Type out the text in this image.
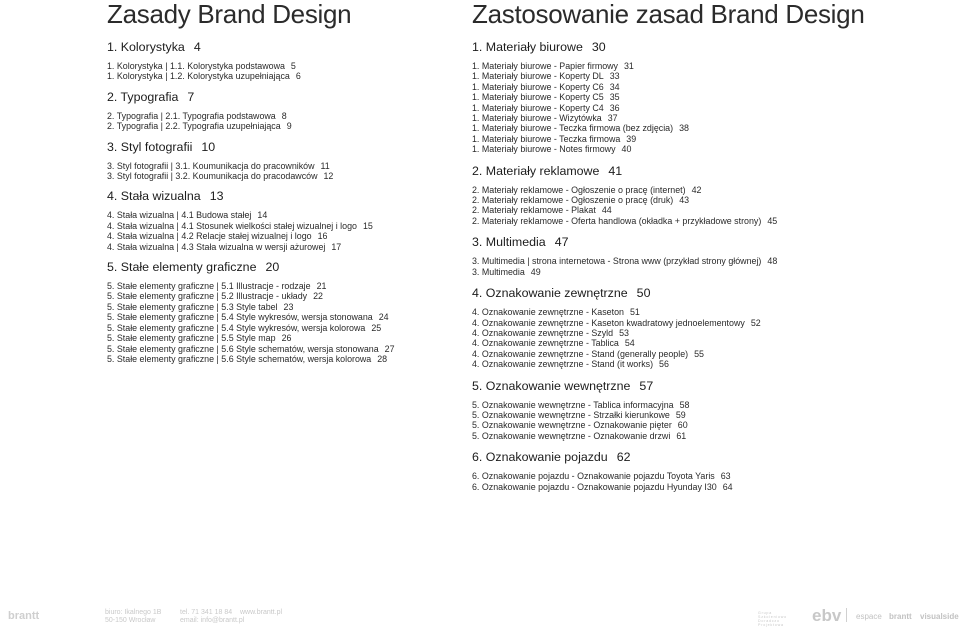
Zasady Brand Design
1. Kolorystyka 4
1. Kolorystyka | 1.1. Kolorystyka podstawowa 5
1. Kolorystyka | 1.2. Kolorystyka uzupełniająca 6
2. Typografia 7
2. Typografia | 2.1. Typografia podstawowa 8
2. Typografia | 2.2. Typografia uzupełniająca 9
3. Styl fotografii 10
3. Styl fotografii | 3.1. Koumunikacja do pracowników 11
3. Styl fotografii | 3.2. Koumunikacja do pracodawców 12
4. Stała wizualna 13
4. Stała wizualna | 4.1 Budowa stałej 14
4. Stała wizualna | 4.1 Stosunek wielkości stałej wizualnej i logo 15
4. Stała wizualna | 4.2 Relacje stałej wizualnej i logo 16
4. Stała wizualna | 4.3 Stała wizualna w wersji ażurowej 17
5. Stałe elementy graficzne 20
5. Stałe elementy graficzne | 5.1 Illustracje - rodzaje 21
5. Stałe elementy graficzne | 5.2 Illustracje - układy 22
5. Stałe elementy graficzne | 5.3 Style tabel 23
5. Stałe elementy graficzne | 5.4 Style wykresów, wersja stonowana 24
5. Stałe elementy graficzne | 5.4 Style wykresów, wersja kolorowa 25
5. Stałe elementy graficzne | 5.5 Style map 26
5. Stałe elementy graficzne | 5.6 Style schematów, wersja stonowana 27
5. Stałe elementy graficzne | 5.6 Style schematów, wersja kolorowa 28
Zastosowanie zasad Brand Design
1. Materiały biurowe 30
1. Materiały biurowe - Papier firmowy 31
1. Materiały biurowe - Koperty DL 33
1. Materiały biurowe - Koperty C6 34
1. Materiały biurowe - Koperty C5 35
1. Materiały biurowe - Koperty C4 36
1. Materiały biurowe - Wizytówka 37
1. Materiały biurowe - Teczka firmowa (bez zdjęcia) 38
1. Materiały biurowe - Teczka firmowa 39
1. Materiały biurowe - Notes firmowy 40
2. Materiały reklamowe 41
2. Materiały reklamowe - Ogłoszenie o pracę (internet) 42
2. Materiały reklamowe - Ogłoszenie o pracę (druk) 43
2. Materiały reklamowe - Plakat 44
2. Materiały reklamowe - Oferta handlowa (okładka + przykładowe strony) 45
3. Multimedia 47
3. Multimedia | strona internetowa - Strona www (przykład strony głównej) 48
3. Multimedia 49
4. Oznakowanie zewnętrzne 50
4. Oznakowanie zewnętrzne - Kaseton 51
4. Oznakowanie zewnętrzne - Kaseton kwadratowy jednoelementowy 52
4. Oznakowanie zewnętrzne - Szyld 53
4. Oznakowanie zewnętrzne - Tablica 54
4. Oznakowanie zewnętrzne - Stand (generally people) 55
4. Oznakowanie zewnętrzne - Stand (it works) 56
5. Oznakowanie wewnętrzne 57
5. Oznakowanie wewnętrzne - Tablica informacyjna 58
5. Oznakowanie wewnętrzne - Strzałki kierunkowe 59
5. Oznakowanie wewnętrzne - Oznakowanie pięter 60
5. Oznakowanie wewnętrzne - Oznakowanie drzwi 61
6. Oznakowanie pojazdu 62
6. Oznakowanie pojazdu - Oznakowanie pojazdu Toyota Yaris 63
6. Oznakowanie pojazdu - Oznakowanie pojazdu Hyunday I30 64
brantt	biuro: Ikalnego 1B
50-150 Wrocław
tel. 71 341 18 84
email: info@brantt.pl
www.brantt.pl	Grupa
Szkoleniowo
Doradczo
Projektowa ebv espace brantt visualside
